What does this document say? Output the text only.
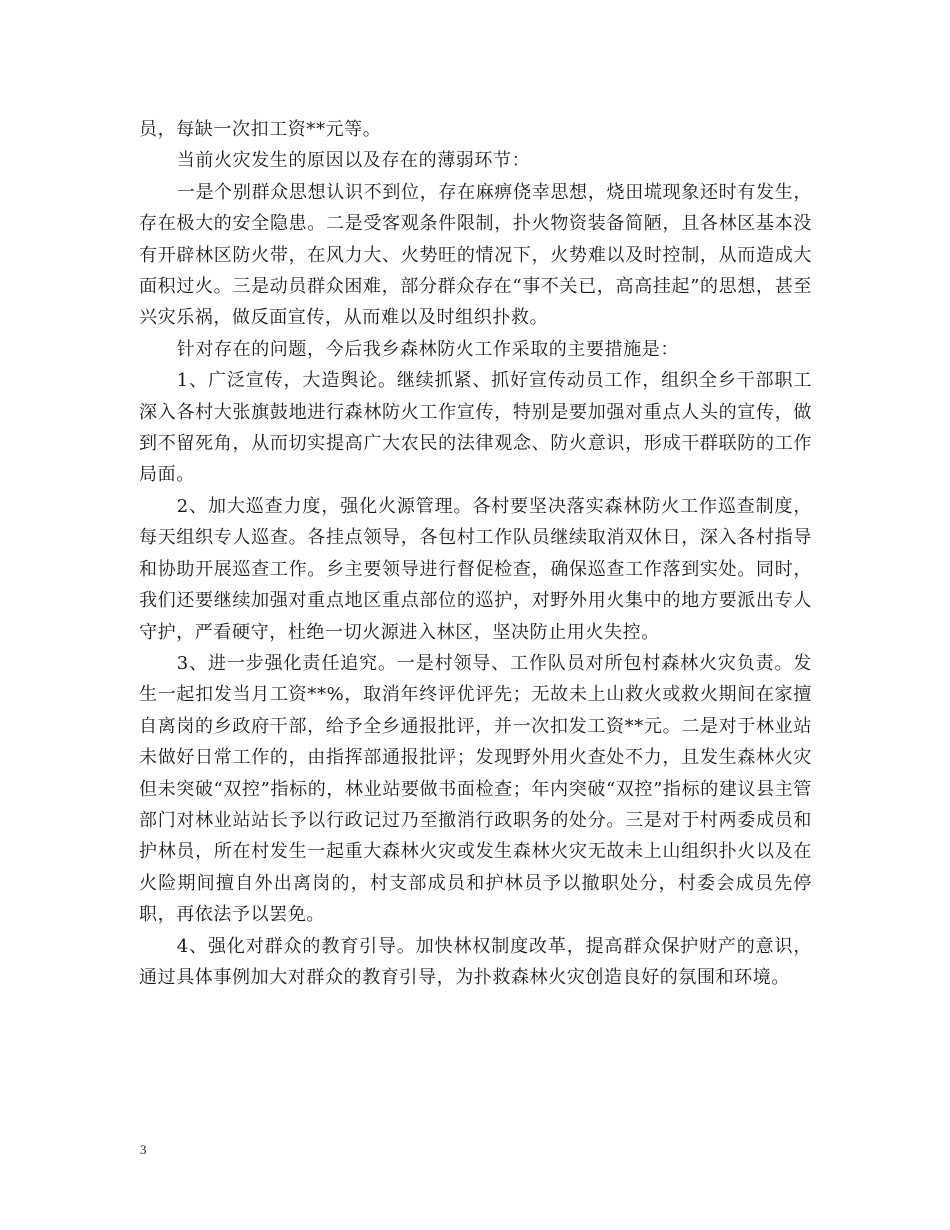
员，每缺一次扣工资**元等。

当前火灾发生的原因以及存在的薄弱环节：

一是个别群众思想认识不到位，存在麻痹侥幸思想，烧田塃现象还时有发生，存在极大的安全隐患。二是受客观条件限制，扑火物资装备简陋，且各林区基本没有开辟林区防火带，在风力大、火势旺的情况下，火势难以及时控制，从而造成大面积过火。三是动员群众困难，部分群众存在“事不关已，高高挂起”的思想，甚至兴灾乐祸，做反面宣传，从而难以及时组织扑救。

针对存在的问题，今后我乡森林防火工作采取的主要措施是：

1、广泛宣传，大造舆论。继续抓紧、抓好宣传动员工作，组织全乡干部职工深入各村大张旗鼓地进行森林防火工作宣传，特别是要加强对重点人头的宣传，做到不留死角，从而切实提高广大农民的法律观念、防火意识，形成干群联防的工作局面。

2、加大巡查力度，强化火源管理。各村要坚决落实森林防火工作巡查制度，每天组织专人巡查。各挂点领导，各包村工作队员继续取消双休日，深入各村指导和协助开展巡查工作。乡主要领导进行督促检查，确保巡查工作落到实处。同时，我们还要继续加强对重点地区重点部位的巡护，对野外用火集中的地方要派出专人守护，严看硬守，杜绝一切火源进入林区，坚决防止用火失控。

3、进一步强化责任追究。一是村领导、工作队员对所包村森林火灾负责。发生一起扣发当月工资**%，取消年终评优评先；无故未上山救火或救火期间在家擅自离岗的乡政府干部，给予全乡通报批评，并一次扣发工资**元。二是对于林业站未做好日常工作的，由指挥部通报批评；发现野外用火查处不力，且发生森林火灾但未突破“双控”指标的，林业站要做书面检查；年内突破“双控”指标的建议县主管部门对林业站站长予以行政记过乃至撤消行政职务的处分。三是对于村两委成员和护林员，所在村发生一起重大森林火灾或发生森林火灾无故未上山组织扑火以及在火险期间擅自外出离岗的，村支部成员和护林员予以撤职处分，村委会成员先停职，再依法予以罢免。

4、强化对群众的教育引导。加快林权制度改革，提高群众保护财产的意识，通过具体事例加大对群众的教育引导，为扑救森林火灾创造良好的氛围和环境。

3
